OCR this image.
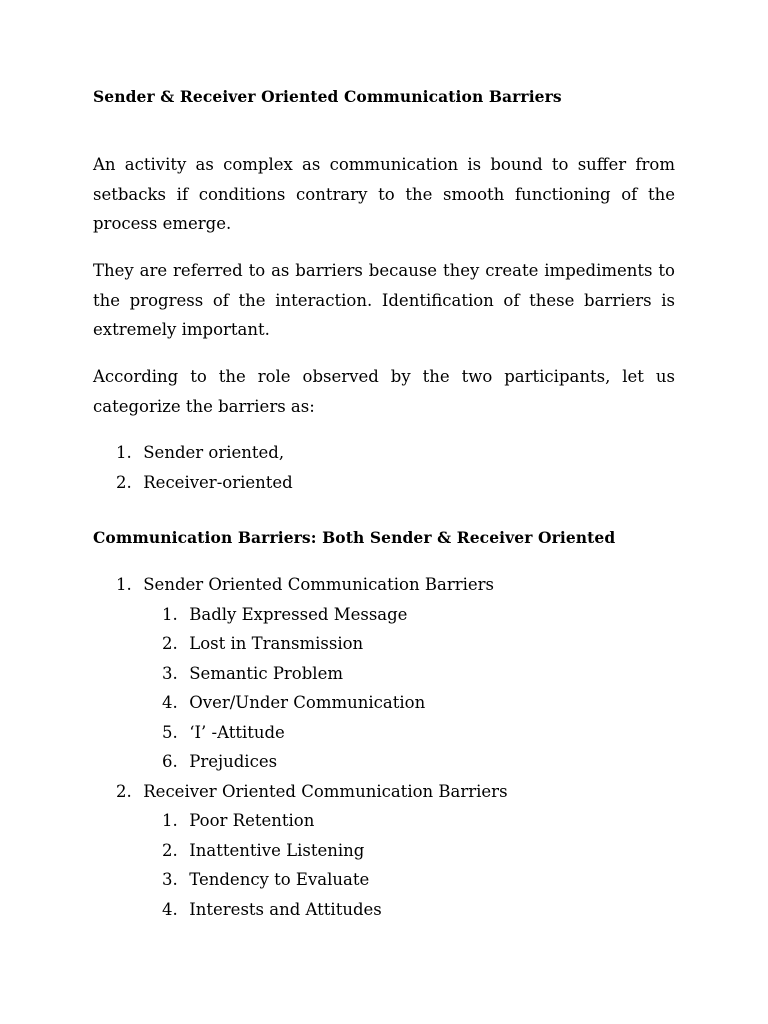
Sender & Receiver Oriented Communication Barriers

An activity as complex as communication is bound to suffer from setbacks if conditions contrary to the smooth functioning of the process emerge.

They are referred to as barriers because they create impediments to the progress of the interaction. Identification of these barriers is extremely important.

According to the role observed by the two participants, let us categorize the barriers as:

1. Sender oriented,
2. Receiver-oriented
Communication Barriers: Both Sender & Receiver Oriented
1. Sender Oriented Communication Barriers
1. Badly Expressed Message
2. Lost in Transmission
3. Semantic Problem
4. Over/Under Communication
5. ‘I’ -Attitude
6. Prejudices
2. Receiver Oriented Communication Barriers
1. Poor Retention
2. Inattentive Listening
3. Tendency to Evaluate
4. Interests and Attitudes
